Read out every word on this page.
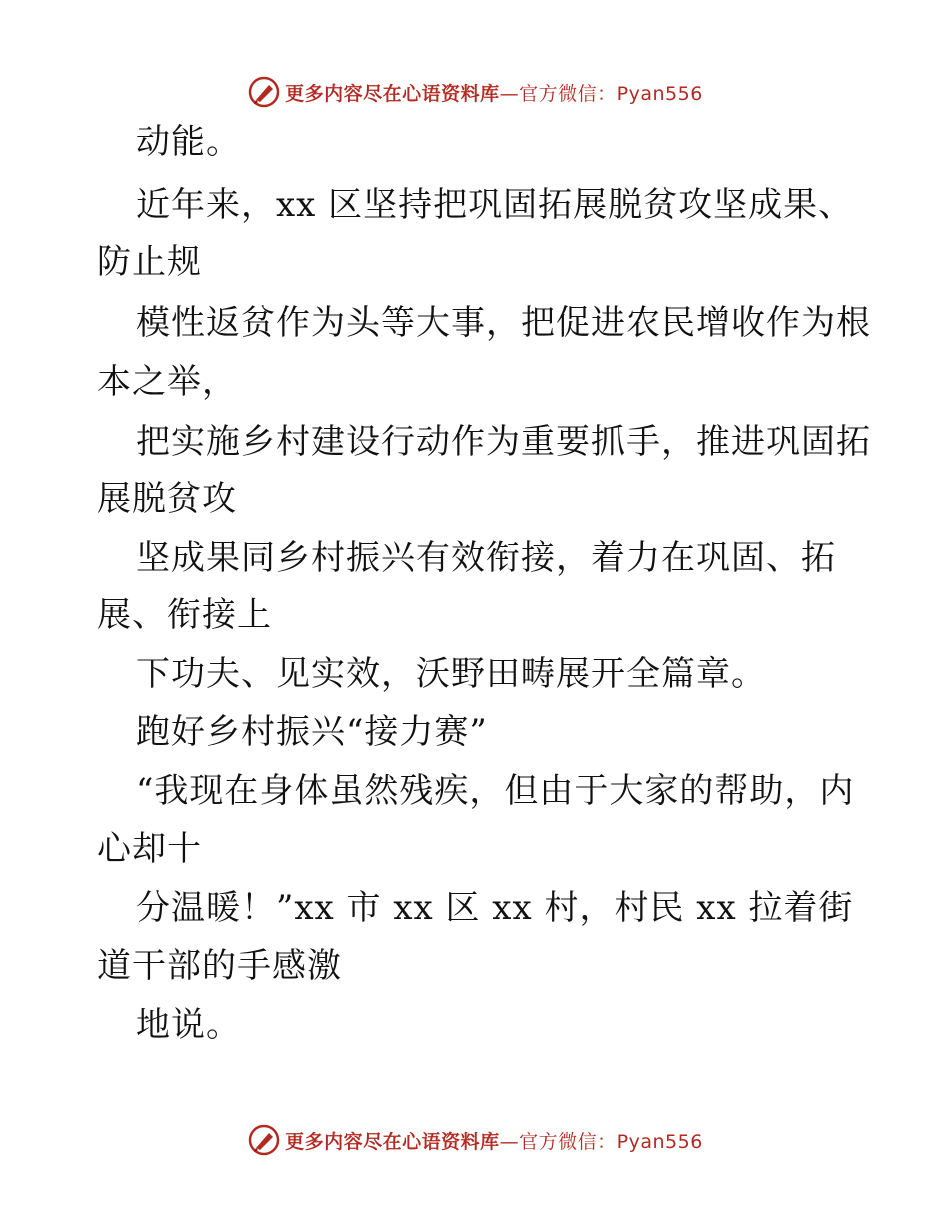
更多内容尽在心语资料库—官方微信：Pyan556
动能。
近年来，xx 区坚持把巩固拓展脱贫攻坚成果、
防止规
模性返贫作为头等大事，把促进农民增收作为根
本之举，
把实施乡村建设行动作为重要抓手，推进巩固拓
展脱贫攻
坚成果同乡村振兴有效衔接，着力在巩固、拓
展、衔接上
下功夫、见实效，沃野田畴展开全篇章。
跑好乡村振兴“接力赛”
“我现在身体虽然残疾，但由于大家的帮助，内
心却十
分温暖！”xx 市 xx 区 xx 村，村民 xx 拉着街
道干部的手感激
地说。
更多内容尽在心语资料库—官方微信：Pyan556
